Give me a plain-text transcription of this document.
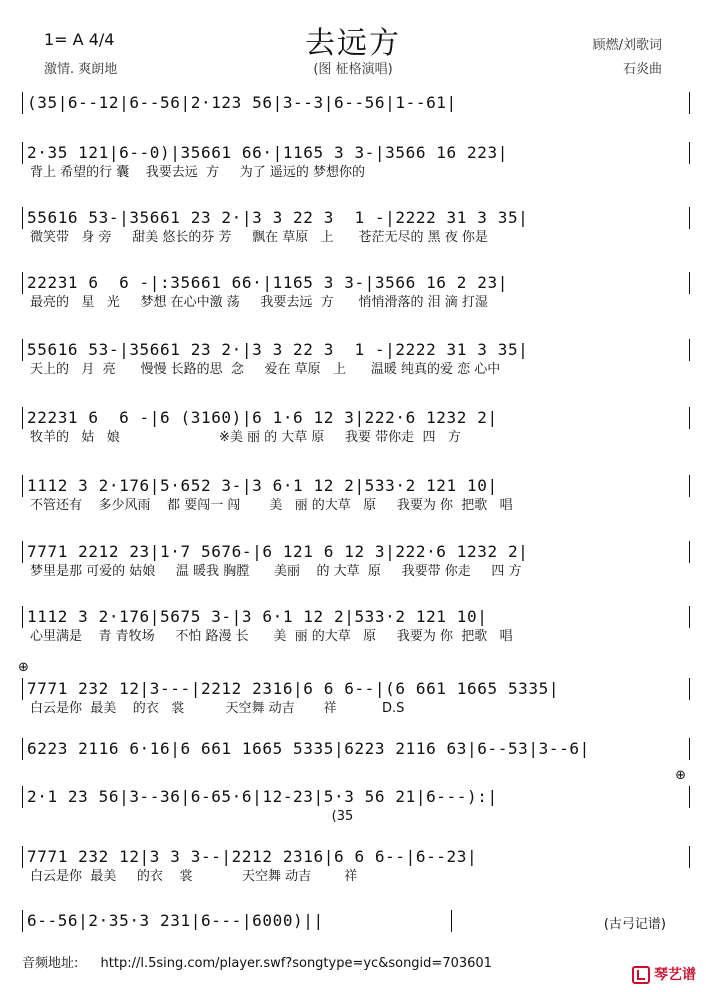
去远方
1= A 4/4
(图 柾格演唱)
激情. 爽朗地
顾燃/刘歌词
石炎曲
(35|6--12|6--56|2·123 56|3--3|6--56|1--61|
2·35 121|6--0)|35661 66·|1165 3 3-|3566 16 223|
背上 希望的行 囊    我要去远  方     为了 遥远的 梦想你的
55616 53-|35661 23 2·|3 3 22 3  1 -|2222 31 3 35|
微笑带   身 旁     甜美 悠长的芬 芳     飘在 草原   上      苍茫无尽的 黑 夜 你是
22231 6  6 -|:35661 66·|1165 3 3-|3566 16 2 23|
最亮的   星   光     梦想 在心中激 荡     我要去远  方      悄悄滑落的 泪 滴 打湿
55616 53-|35661 23 2·|3 3 22 3  1 -|2222 31 3 35|
天上的   月  亮      慢慢 长路的思  念     爱在 草原   上      温暖 纯真的爱 恋 心中
22231 6  6 -|6 (3160)|6 1·6 12 3|222·6 1232 2|
牧羊的   姑   娘                        ※美 丽 的 大草 原     我要 带你走  四   方
1112 3 2·176|5·652 3-|3 6·1 12 2|533·2 121 10|
不管还有    多少风雨    都 要闯一 闯       美   丽 的大草   原     我要为 你  把歌   唱
7771 2212 23|1·7 5676-|6 121 6 12 3|222·6 1232 2|
梦里是那 可爱的 姑娘     温 暖我 胸膛      美丽    的 大草  原     我要带 你走     四 方
1112 3 2·176|5675 3-|3 6·1 12 2|533·2 121 10|
心里满是    青 青牧场     不怕 路漫 长      美  丽 的大草   原     我要为 你  把歌   唱
⊕
7771 232 12|3---|2212 2316|6 6 6--|(6 661 1665 5335|
白云是你  最美    的衣   裳          天空舞 动吉       祥           D.S
6223 2116 6·16|6 661 1665 5335|6223 2116 63|6--53|3--6|
⊕
2·1 23 56|3--36|6-65·6|12-23|5·3 56 21|6---):|
(35
7771 232 12|3 3 3--|2212 2316|6 6 6--|6--23|
白云是你  最美     的衣    裳            天空舞 动吉        祥
6--56|2·35·3 231|6---|6000)||	(古弓记谱)
音频地址: http://l.5sing.com/player.swf?songtype=yc&songid=703601
琴艺谱
